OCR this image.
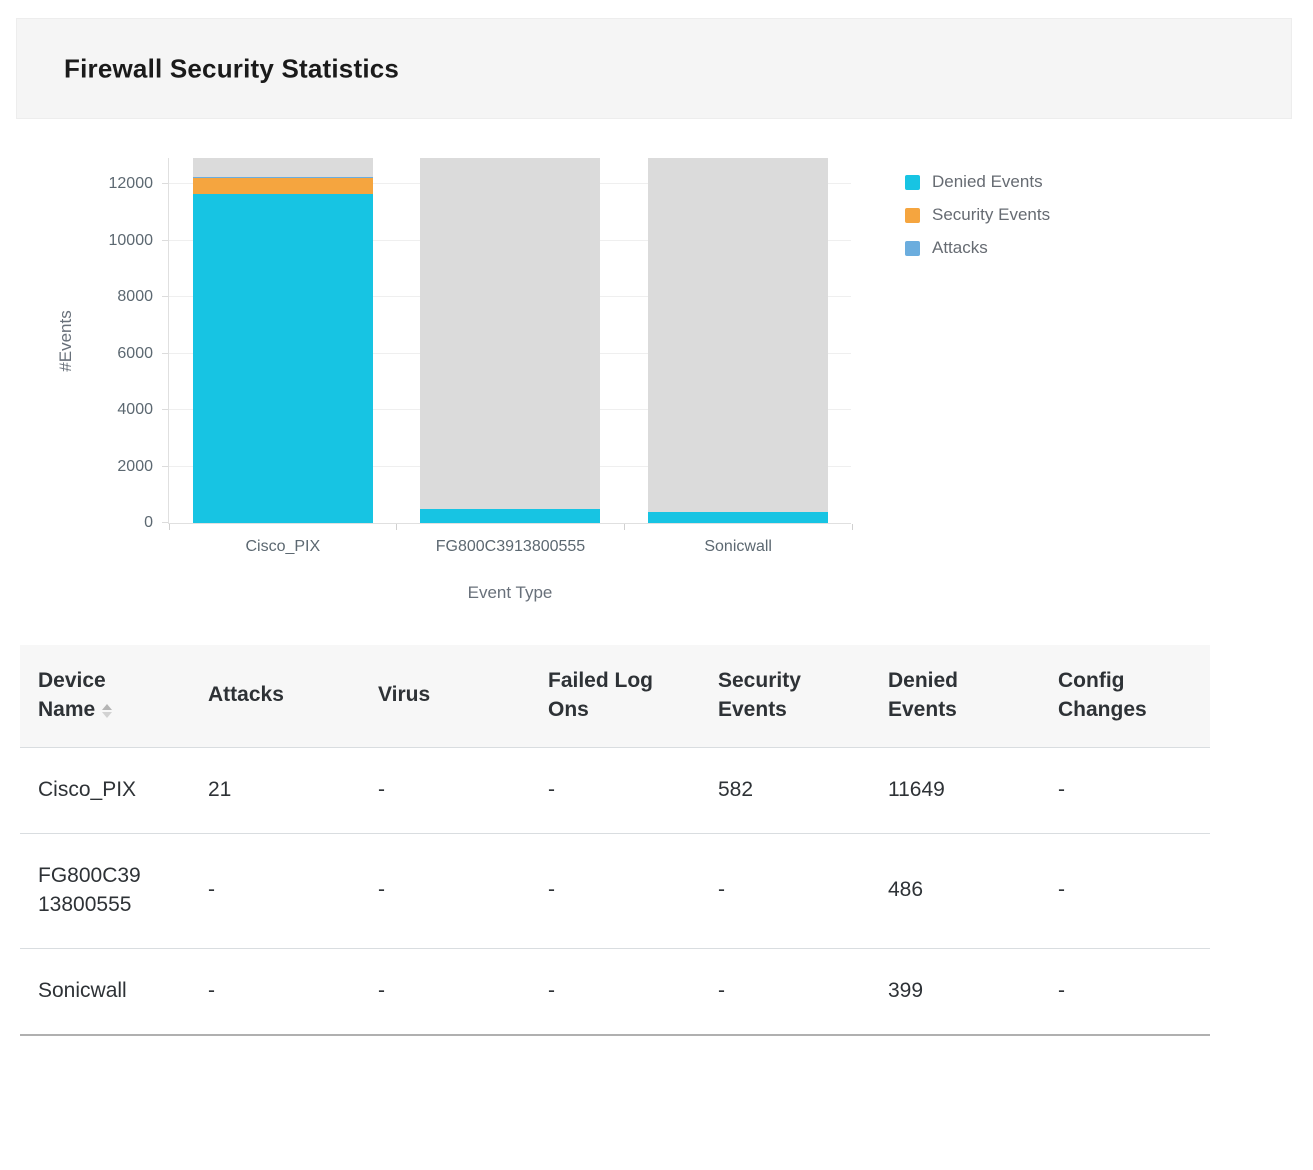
Firewall Security Statistics
0
2000
4000
6000
8000
10000
12000
Cisco_PIX	FG800C3913800555	Sonicwall
#Events
Event Type
Denied Events
Security Events
Attacks
Device Name	Attacks	Virus	Failed Log Ons	Security Events	Denied Events	Config Changes
Cisco_PIX	21	-	-	582	11649	-
FG800C3913800555	-	-	-	-	486	-
Sonicwall	-	-	-	-	399	-
